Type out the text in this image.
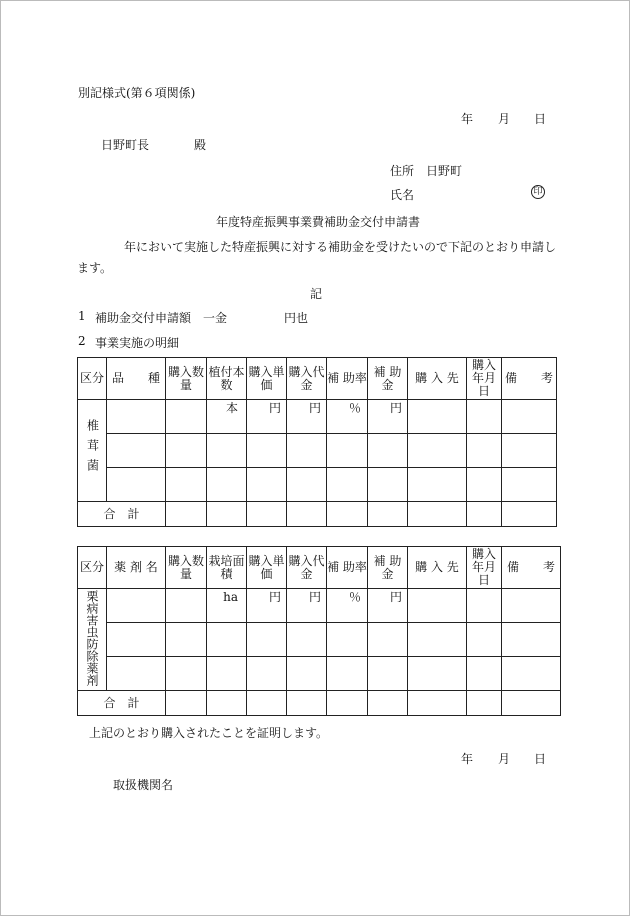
別記様式(第６項関係)
年 月 日
日野町長	殿
住所 日野町
氏名	印
年度特産振興事業費補助金交付申請書
年において実施した特産振興に対する補助金を受けたいので下記のとおり申請し
ます。
記
1 補助金交付申請額　一金	円也
2 事業実施の明細
区分	品　　種	購入数量	植付本数	購入単価	購入代金	補 助率	補 助金	購 入 先	購入年月日	備　　考
椎茸菌			本	円	円	％	円			

合　計										
区分	薬 剤 名	購入数量	栽培面積	購入単価	購入代金	補 助率	補 助金	購 入 先	購入年月日	備　　考
栗病害虫防除薬剤			ha	円	円	％	円			

合　計										
上記のとおり購入されたことを証明します。
年 月 日
取扱機関名
